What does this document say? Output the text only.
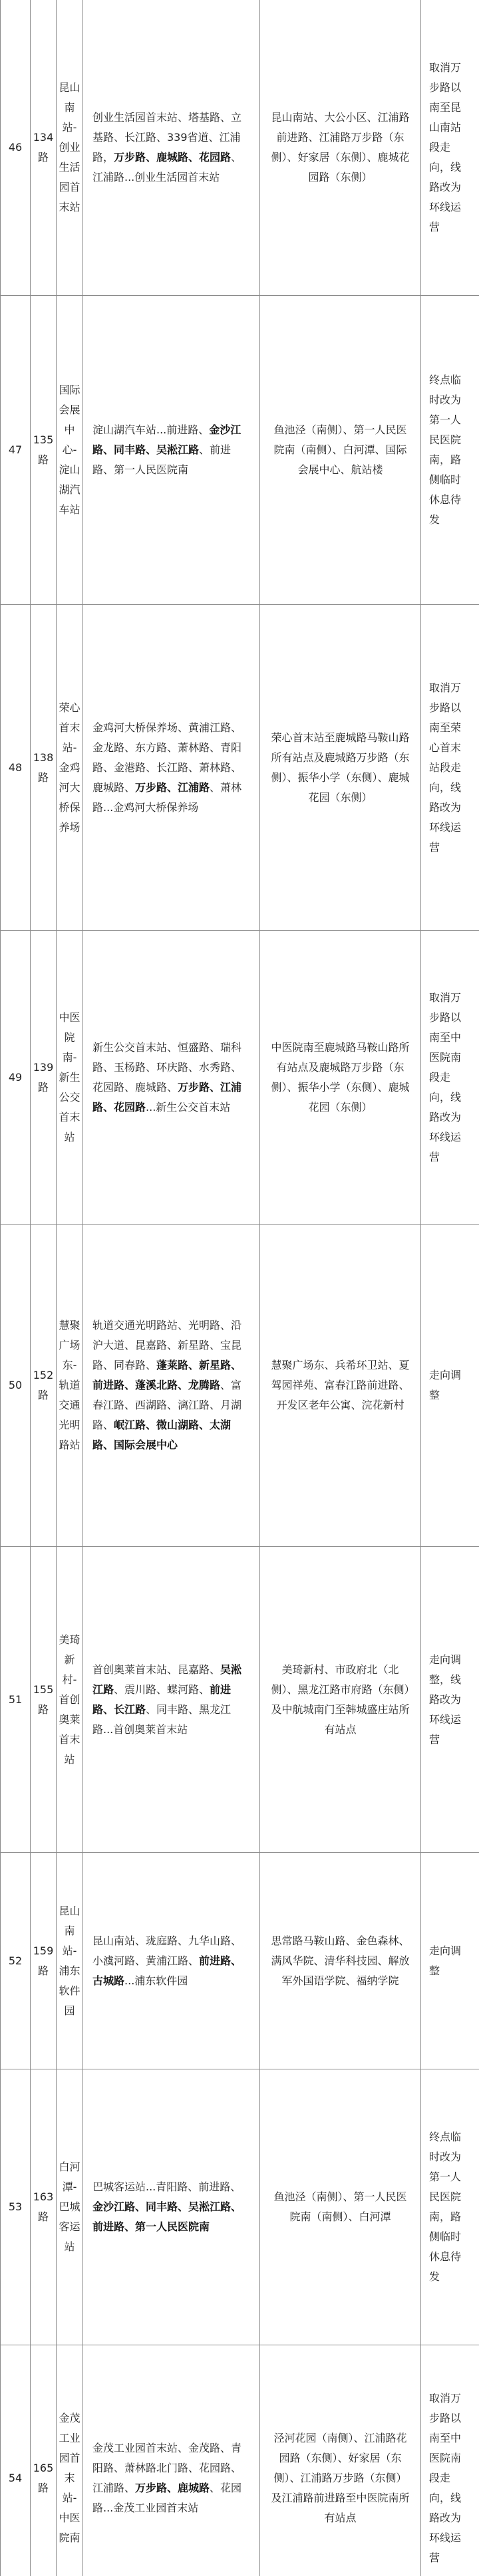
46	134路	昆山南站-创业生活园首末站	创业生活园首末站、塔基路、立基路、长江路、339省道、江浦路，万步路、鹿城路、花园路、江浦路...创业生活园首末站	昆山南站、大公小区、江浦路前进路、江浦路万步路（东侧）、好家居（东侧）、鹿城花园路（东侧）	取消万步路以南至昆山南站段走向，线路改为环线运营

47	135路	国际会展中心-淀山湖汽车站	淀山湖汽车站...前进路、金沙江路、同丰路、吴淞江路、前进路、第一人民医院南	鱼池泾（南侧）、第一人民医院南（南侧）、白河潭、国际会展中心、航站楼	终点临时改为第一人民医院南，路侧临时休息待发

48	138路	荣心首末站-金鸡河大桥保养场	金鸡河大桥保养场、黄浦江路、金龙路、东方路、萧林路、青阳路、金港路、长江路、萧林路、鹿城路、万步路、江浦路、萧林路...金鸡河大桥保养场	荣心首末站至鹿城路马鞍山路所有站点及鹿城路万步路（东侧）、振华小学（东侧）、鹿城花园（东侧）	取消万步路以南至荣心首末站段走向，线路改为环线运营

49	139路	中医院南-新生公交首末站	新生公交首末站、恒盛路、瑞科路、玉杨路、环庆路、水秀路、花园路、鹿城路、万步路、江浦路、花园路...新生公交首末站	中医院南至鹿城路马鞍山路所有站点及鹿城路万步路（东侧）、振华小学（东侧）、鹿城花园（东侧）	取消万步路以南至中医院南段走向，线路改为环线运营

50	152路	慧聚广场东-轨道交通光明路站	轨道交通光明路站、光明路、沿沪大道、昆嘉路、新星路、宝昆路、同春路、蓬莱路、新星路、前进路、蓬溪北路、龙腾路、富春江路、西湖路、漓江路、月湖路、岷江路、微山湖路、太湖路、国际会展中心	慧聚广场东、兵希环卫站、夏驾园祥苑、富春江路前进路、开发区老年公寓、浣花新村	走向调整

51	155路	美琦新村-首创奥莱首末站	首创奥莱首末站、昆嘉路、吴淞江路、震川路、蝶河路、前进路、长江路、同丰路、黑龙江路...首创奥莱首末站	美琦新村、市政府北（北侧）、黑龙江路市府路（东侧）及中航城南门至韩城盛庄站所有站点	走向调整，线路改为环线运营

52	159路	昆山南站-浦东软件园	昆山南站、珑庭路、九华山路、小澞河路、黄浦江路、前进路、古城路...浦东软件园	思常路马鞍山路、金色森林、满风华院、清华科技园、解放军外国语学院、福纳学院	走向调整

53	163路	白河潭-巴城客运站	巴城客运站...青阳路、前进路、金沙江路、同丰路、吴淞江路、前进路、第一人民医院南	鱼池泾（南侧）、第一人民医院南（南侧）、白河潭	终点临时改为第一人民医院南，路侧临时休息待发

54	165路	金茂工业园首末站-中医院南	金茂工业园首末站、金茂路、青阳路、萧林路北门路、花园路、江浦路、万步路、鹿城路、花园路...金茂工业园首末站	泾河花园（南侧）、江浦路花园路（东侧）、好家居（东侧）、江浦路万步路（东侧）及江浦路前进路至中医院南所有站点	取消万步路以南至中医院南段走向，线路改为环线运营
